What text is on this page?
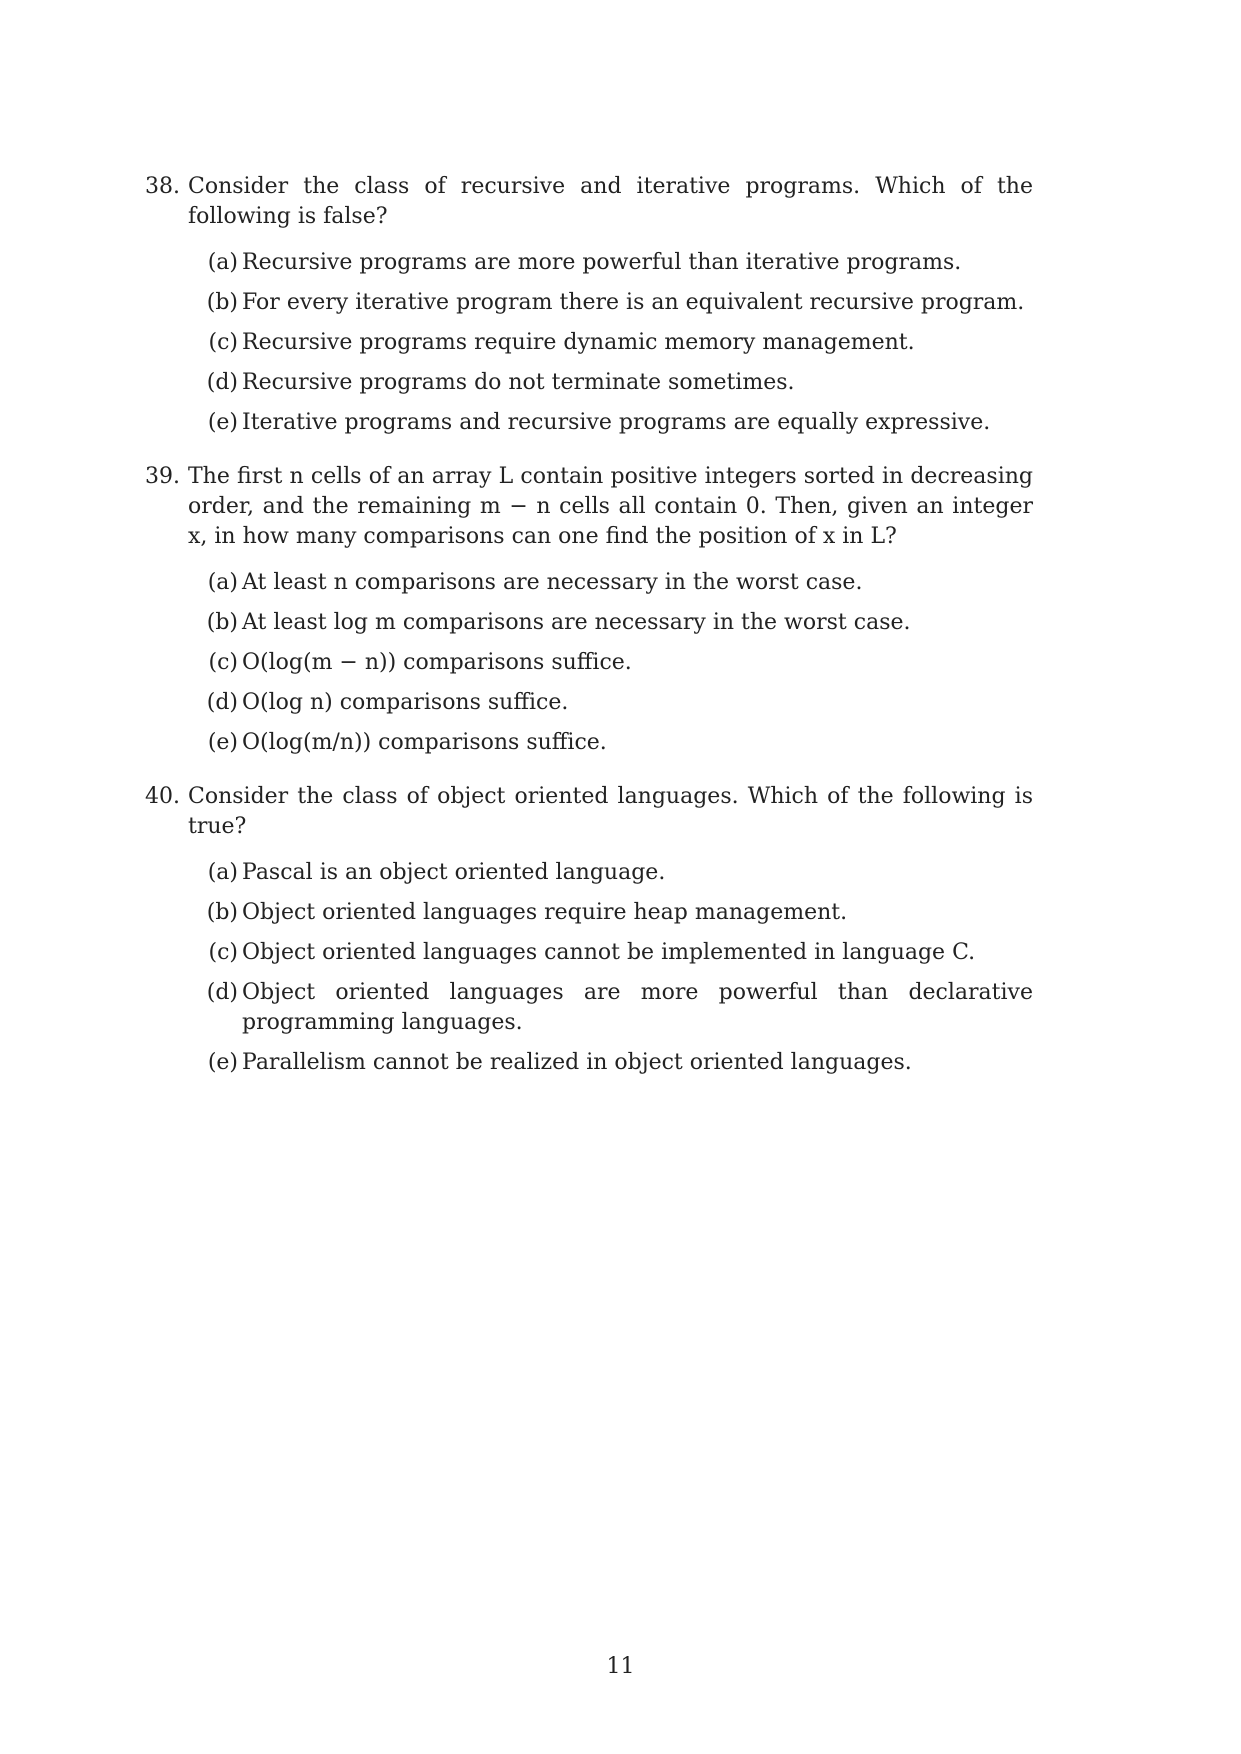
38. Consider the class of recursive and iterative programs. Which of the following is false?

(a) Recursive programs are more powerful than iterative programs.
(b) For every iterative program there is an equivalent recursive program.
(c) Recursive programs require dynamic memory management.
(d) Recursive programs do not terminate sometimes.
(e) Iterative programs and recursive programs are equally expressive.
39. The first n cells of an array L contain positive integers sorted in decreasing order, and the remaining m − n cells all contain 0. Then, given an integer x, in how many comparisons can one find the position of x in L?

(a) At least n comparisons are necessary in the worst case.
(b) At least log m comparisons are necessary in the worst case.
(c) O(log(m − n)) comparisons suffice.
(d) O(log n) comparisons suffice.
(e) O(log(m/n)) comparisons suffice.
40. Consider the class of object oriented languages. Which of the following is true?

(a) Pascal is an object oriented language.
(b) Object oriented languages require heap management.
(c) Object oriented languages cannot be implemented in language C.
(d) Object oriented languages are more powerful than declarative programming languages.
(e) Parallelism cannot be realized in object oriented languages.
11
